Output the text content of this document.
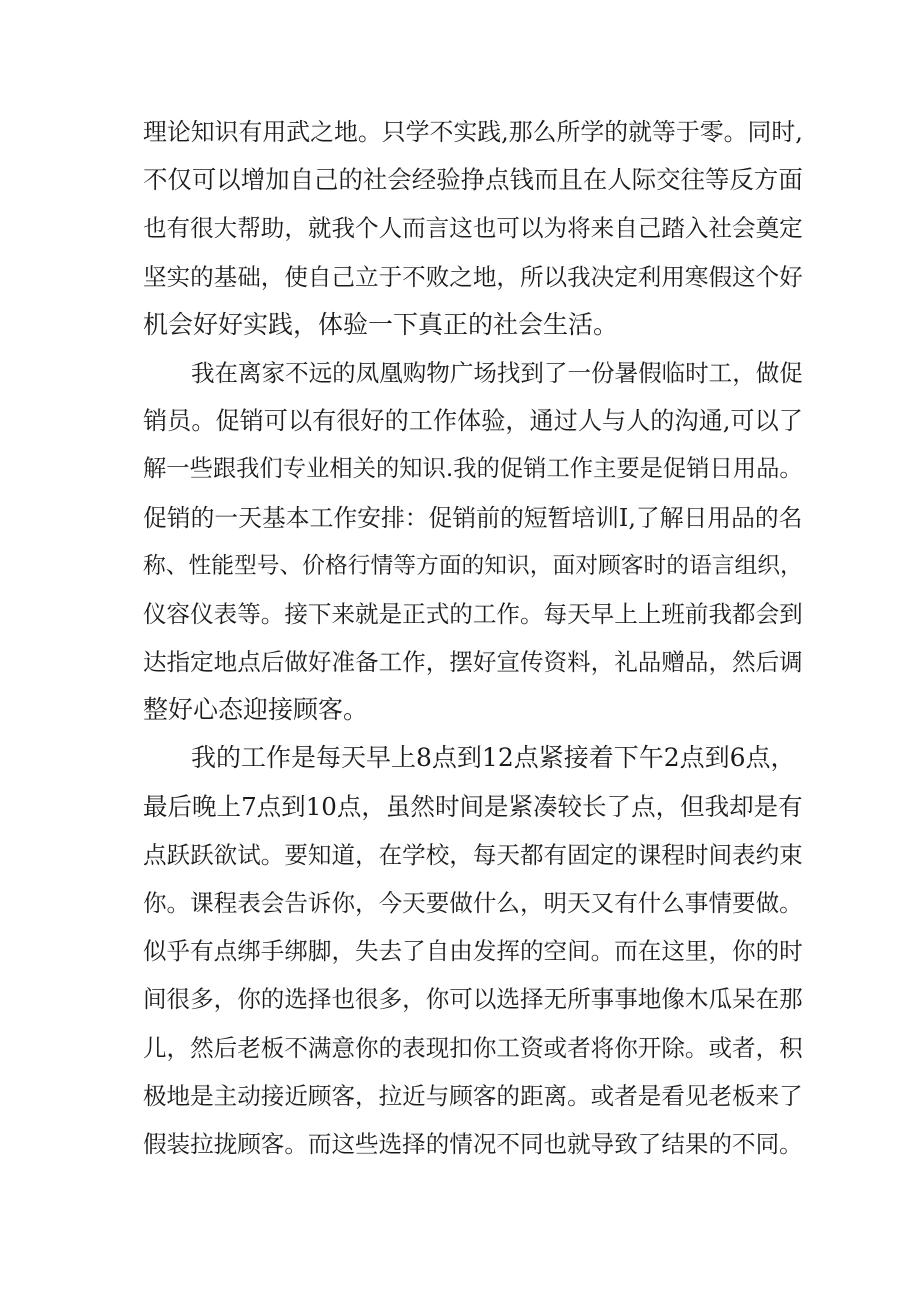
理论知识有用武之地。只学不实践,那么所学的就等于零。同时,
不仅可以增加自己的社会经验挣点钱而且在人际交往等反方面
也有很大帮助，就我个人而言这也可以为将来自己踏入社会奠定
坚实的基础，使自己立于不败之地，所以我决定利用寒假这个好
机会好好实践，体验一下真正的社会生活。
我在离家不远的凤凰购物广场找到了一份暑假临时工，做促
销员。促销可以有很好的工作体验，通过人与人的沟通,可以了
解一些跟我们专业相关的知识.我的促销工作主要是促销日用品。
促销的一天基本工作安排：促销前的短暂培训I,了解日用品的名
称、性能型号、价格行情等方面的知识，面对顾客时的语言组织，
仪容仪表等。接下来就是正式的工作。每天早上上班前我都会到
达指定地点后做好准备工作，摆好宣传资料，礼品赠品，然后调
整好心态迎接顾客。
我的工作是每天早上8点到12点紧接着下午2点到6点，
最后晚上7点到10点，虽然时间是紧凑较长了点，但我却是有
点跃跃欲试。要知道，在学校，每天都有固定的课程时间表约束
你。课程表会告诉你，今天要做什么，明天又有什么事情要做。
似乎有点绑手绑脚，失去了自由发挥的空间。而在这里，你的时
间很多，你的选择也很多，你可以选择无所事事地像木瓜呆在那
儿，然后老板不满意你的表现扣你工资或者将你开除。或者，积
极地是主动接近顾客，拉近与顾客的距离。或者是看见老板来了
假装拉拢顾客。而这些选择的情况不同也就导致了结果的不同。
